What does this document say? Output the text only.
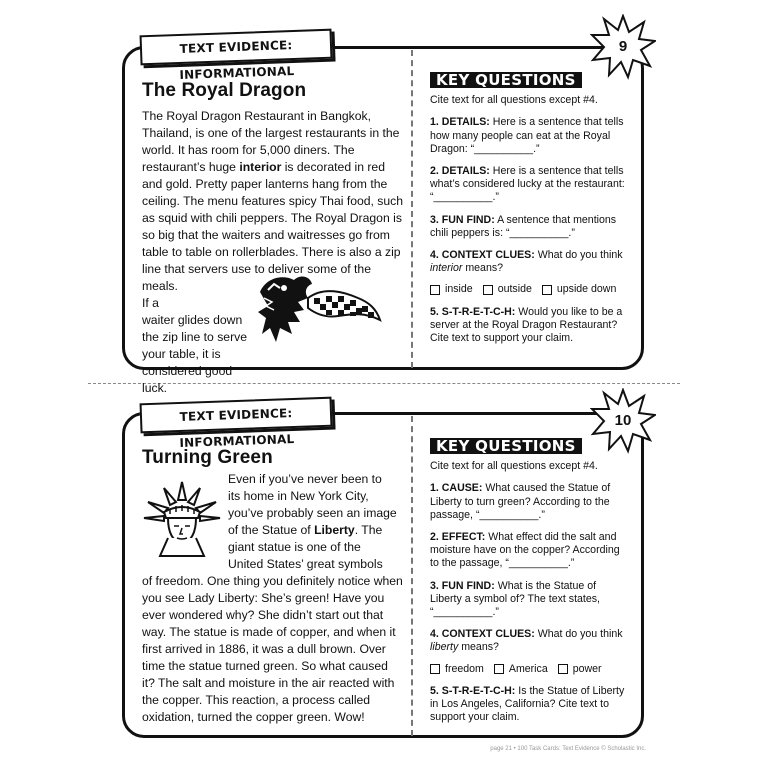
TEXT EVIDENCE: INFORMATIONAL
9
The Royal Dragon
The Royal Dragon Restaurant in Bangkok, Thailand, is one of the largest restaurants in the world. It has room for 5,000 diners. The restaurant’s huge interior is decorated in red and gold. Pretty paper lanterns hang from the ceiling. The menu features spicy Thai food, such as squid with chili peppers. The Royal Dragon is so big that the waiters and waitresses go from table to table on rollerblades. There is also a zip line that servers use to deliver some of the meals.
If a
waiter glides down
the zip line to serve
your table, it is
considered good
luck.
KEY QUESTIONS
Cite text for all questions except #4.
1. DETAILS: Here is a sentence that tells how many people can eat at the Royal Dragon: “__________.”
2. DETAILS: Here is a sentence that tells what’s considered lucky at the restaurant: “__________.”
3. FUN FIND: A sentence that mentions chili peppers is: “__________.”
4. CONTEXT CLUES: What do you think interior means?
inside outside upside down
5. S-T-R-E-T-C-H: Would you like to be a server at the Royal Dragon Restaurant? Cite text to support your claim.
TEXT EVIDENCE: INFORMATIONAL
10
Turning Green
Even if you’ve never been to
its home in New York City,
you’ve probably seen an image
of the Statue of Liberty. The
giant statue is one of the
United States’ great symbols
of freedom. One thing you definitely notice when you see Lady Liberty: She’s green! Have you ever wondered why? She didn’t start out that way. The statue is made of copper, and when it first arrived in 1886, it was a dull brown. Over time the statue turned green. So what caused it? The salt and moisture in the air reacted with the copper. This reaction, a process called oxidation, turned the copper green. Wow!
KEY QUESTIONS
Cite text for all questions except #4.
1. CAUSE: What caused the Statue of Liberty to turn green? According to the passage, “__________.”
2. EFFECT: What effect did the salt and moisture have on the copper? According to the passage, “__________.”
3. FUN FIND: What is the Statue of Liberty a symbol of? The text states, “__________.”
4. CONTEXT CLUES: What do you think liberty means?
freedom America power
5. S-T-R-E-T-C-H: Is the Statue of Liberty in Los Angeles, California? Cite text to support your claim.
page 21 • 100 Task Cards: Text Evidence © Scholastic Inc.
